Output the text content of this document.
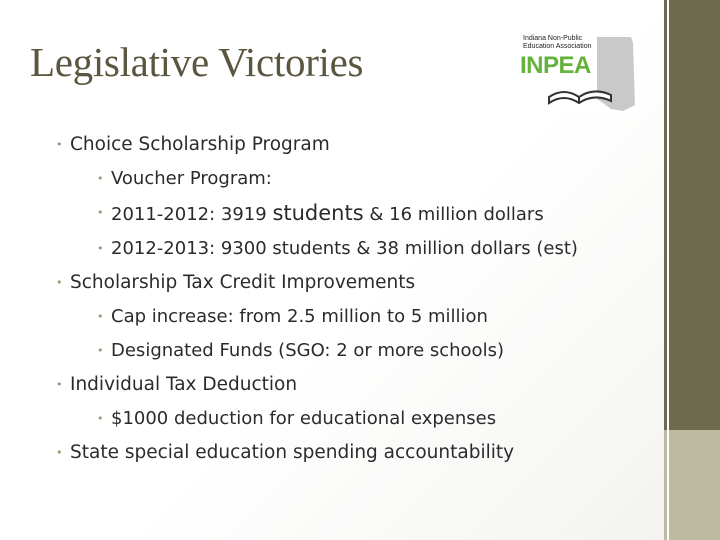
Legislative Victories
Indiana Non-Public
Education Association
INPEA
• Choice Scholarship Program
• Voucher Program:
• 2011-2012: 3919 students & 16 million dollars
• 2012-2013: 9300 students & 38 million dollars (est)
• Scholarship Tax Credit Improvements
• Cap increase: from 2.5 million to 5 million
• Designated Funds (SGO: 2 or more schools)
• Individual Tax Deduction
• $1000 deduction for educational expenses
• State special education spending accountability
